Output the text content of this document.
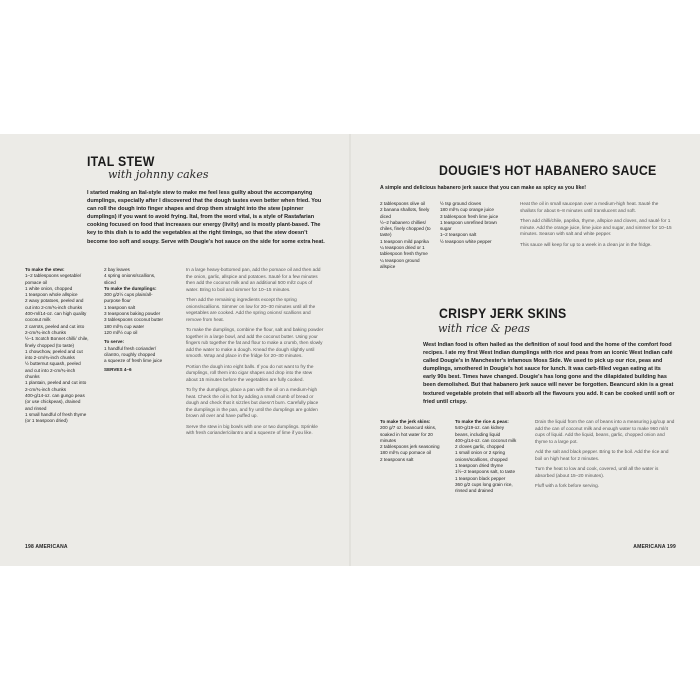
ITAL STEW
with johnny cakes
I started making an Ital-style stew to make me feel less guilty about the accompanying dumplings, especially after I discovered that the dough tastes even better when fried. You can roll the dough into finger shapes and drop them straight into the stew (spinner dumplings) if you want to avoid frying. Ital, from the word vital, is a style of Rastafarian cooking focused on food that increases our energy (livity) and is mostly plant-based. The key to this dish is to add the vegetables at the right timings, so that the stew doesn't become too soft and soupy. Serve with Dougie's hot sauce on the side for some extra heat.

To make the stew:

1–2 tablespoons vegetable/ pomace oil

1 white onion, chopped

1 teaspoon whole allspice

2 waxy potatoes, peeled and cut into 2-cm/¾-inch chunks

400-ml/14-oz. can high quality coconut milk

2 carrots, peeled and cut into 2-cm/¾-inch chunks

½–1 Scotch Bonnet chilli/ chile, finely chopped (to taste)

1 chowchow, peeled and cut into 2-cm/¾-inch chunks

½ butternut squash, peeled and cut into 2-cm/¾-inch chunks

1 plantain, peeled and cut into 2-cm/¾-inch chunks

400-g/14-oz. can gungo peas (or use chickpeas), drained and rinsed

1 small handful of fresh thyme (or 1 teaspoon dried)

2 bay leaves

4 spring onions/scallions, sliced

To make the dumplings:

300 g/2½ cups plain/all-purpose flour

1 teaspoon salt

3 teaspoons baking powder

3 tablespoons coconut butter

180 ml/¾ cup water

120 ml/½ cup oil

To serve:

1 handful fresh coriander/ cilantro, roughly chopped

a squeeze of fresh lime juice

SERVES 4–6

In a large heavy-bottomed pan, add the pomace oil and then add the onion, garlic, allspice and potatoes. Sauté for a few minutes then add the coconut milk and an additional 500 ml/2 cups of water. Bring to boil and simmer for 10–15 minutes.

Then add the remaining ingredients except the spring onions/scallions. Simmer on low for 20–30 minutes until all the vegetables are cooked. Add the spring onions/ scallions and remove from heat.

To make the dumplings, combine the flour, salt and baking powder together in a large bowl, and add the coconut butter. Using your fingers rub together the fat and flour to make a crumb, then slowly add the water to make a dough. Knead the dough slightly until smooth. Wrap and place in the fridge for 20–30 minutes.

Portion the dough into eight balls. If you do not want to fry the dumplings, roll them into cigar shapes and drop into the stew about 15 minutes before the vegetables are fully cooked.

To fry the dumplings, place a pan with the oil on a medium-high heat. Check the oil is hot by adding a small crumb of bread or dough and check that it sizzles but doesn't burn. Carefully place the dumplings in the pan, and fry until the dumplings are golden brown all over and have puffed up.

Serve the stew in big bowls with one or two dumplings. Sprinkle with fresh coriander/cilantro and a squeeze of lime if you like.

198 AMERICANA
DOUGIE'S HOT HABANERO SAUCE
A simple and delicious habanero jerk sauce that you can make as spicy as you like!

2 tablespoons olive oil

2 banana shallots, finely diced

½–2 habanero chillies/ chiles, finely chopped (to taste)

1 teaspoon mild paprika

¼ teaspoon dried or 1 tablespoon fresh thyme

¼ teaspoon ground allspice

½ tsp ground cloves

180 ml/¾ cup orange juice

3 tablespoon fresh lime juice

1 teaspoon unrefined brown sugar

1–2 teaspoon salt

½ teaspoon white pepper

Heat the oil in small saucepan over a medium-high heat. Sauté the shallots for about 6–8 minutes until translucent and soft.

Then add chilli/chile, paprika, thyme, allspice and cloves, and sauté for 1 minute. Add the orange juice, lime juice and sugar, and simmer for 10–15 minutes. Season with salt and white pepper.

This sauce will keep for up to a week in a clean jar in the fridge.

CRISPY JERK SKINS
with rice & peas
West Indian food is often hailed as the definition of soul food and the home of the comfort food recipes. I ate my first West Indian dumplings with rice and peas from an iconic West Indian café called Dougie's in Manchester's infamous Moss Side. We used to pick up our rice, peas and dumplings, smothered in Dougie's hot sauce for lunch. It was carb-filled vegan eating at its early 90s best. Times have changed. Dougie's has long gone and the dilapidated building has been demolished. But that habanero jerk sauce will never be forgotten. Beancurd skin is a great textured vegetable protein that will absorb all the flavours you add. It can be cooked until soft or fried until crispy.

To make the jerk skins:

200 g/7 oz. beancurd skins, soaked in hot water for 20 minutes

2 tablespoons jerk seasoning

180 ml/¾ cup pomace oil

2 teaspoons salt

To make the rice & peas:

540-g/19-oz. can kidney beans, including liquid

400-g/14-oz. can coconut milk

2 cloves garlic, chopped

1 small onion or 2 spring onions/scallions, chopped

1 teaspoon dried thyme

1½–2 teaspoons salt, to taste

1 teaspoon black pepper

360 g/2 cups long grain rice, rinsed and drained

Drain the liquid from the can of beans into a measuring jug/cup and add the can of coconut milk and enough water to make 960 ml/4 cups of liquid. Add the liquid, beans, garlic, chopped onion and thyme to a large pot.

Add the salt and black pepper. Bring to the boil. Add the rice and boil on high heat for 2 minutes.

Turn the heat to low and cook, covered, until all the water is absorbed (about 15–20 minutes).

Fluff with a fork before serving.

AMERICANA 199
